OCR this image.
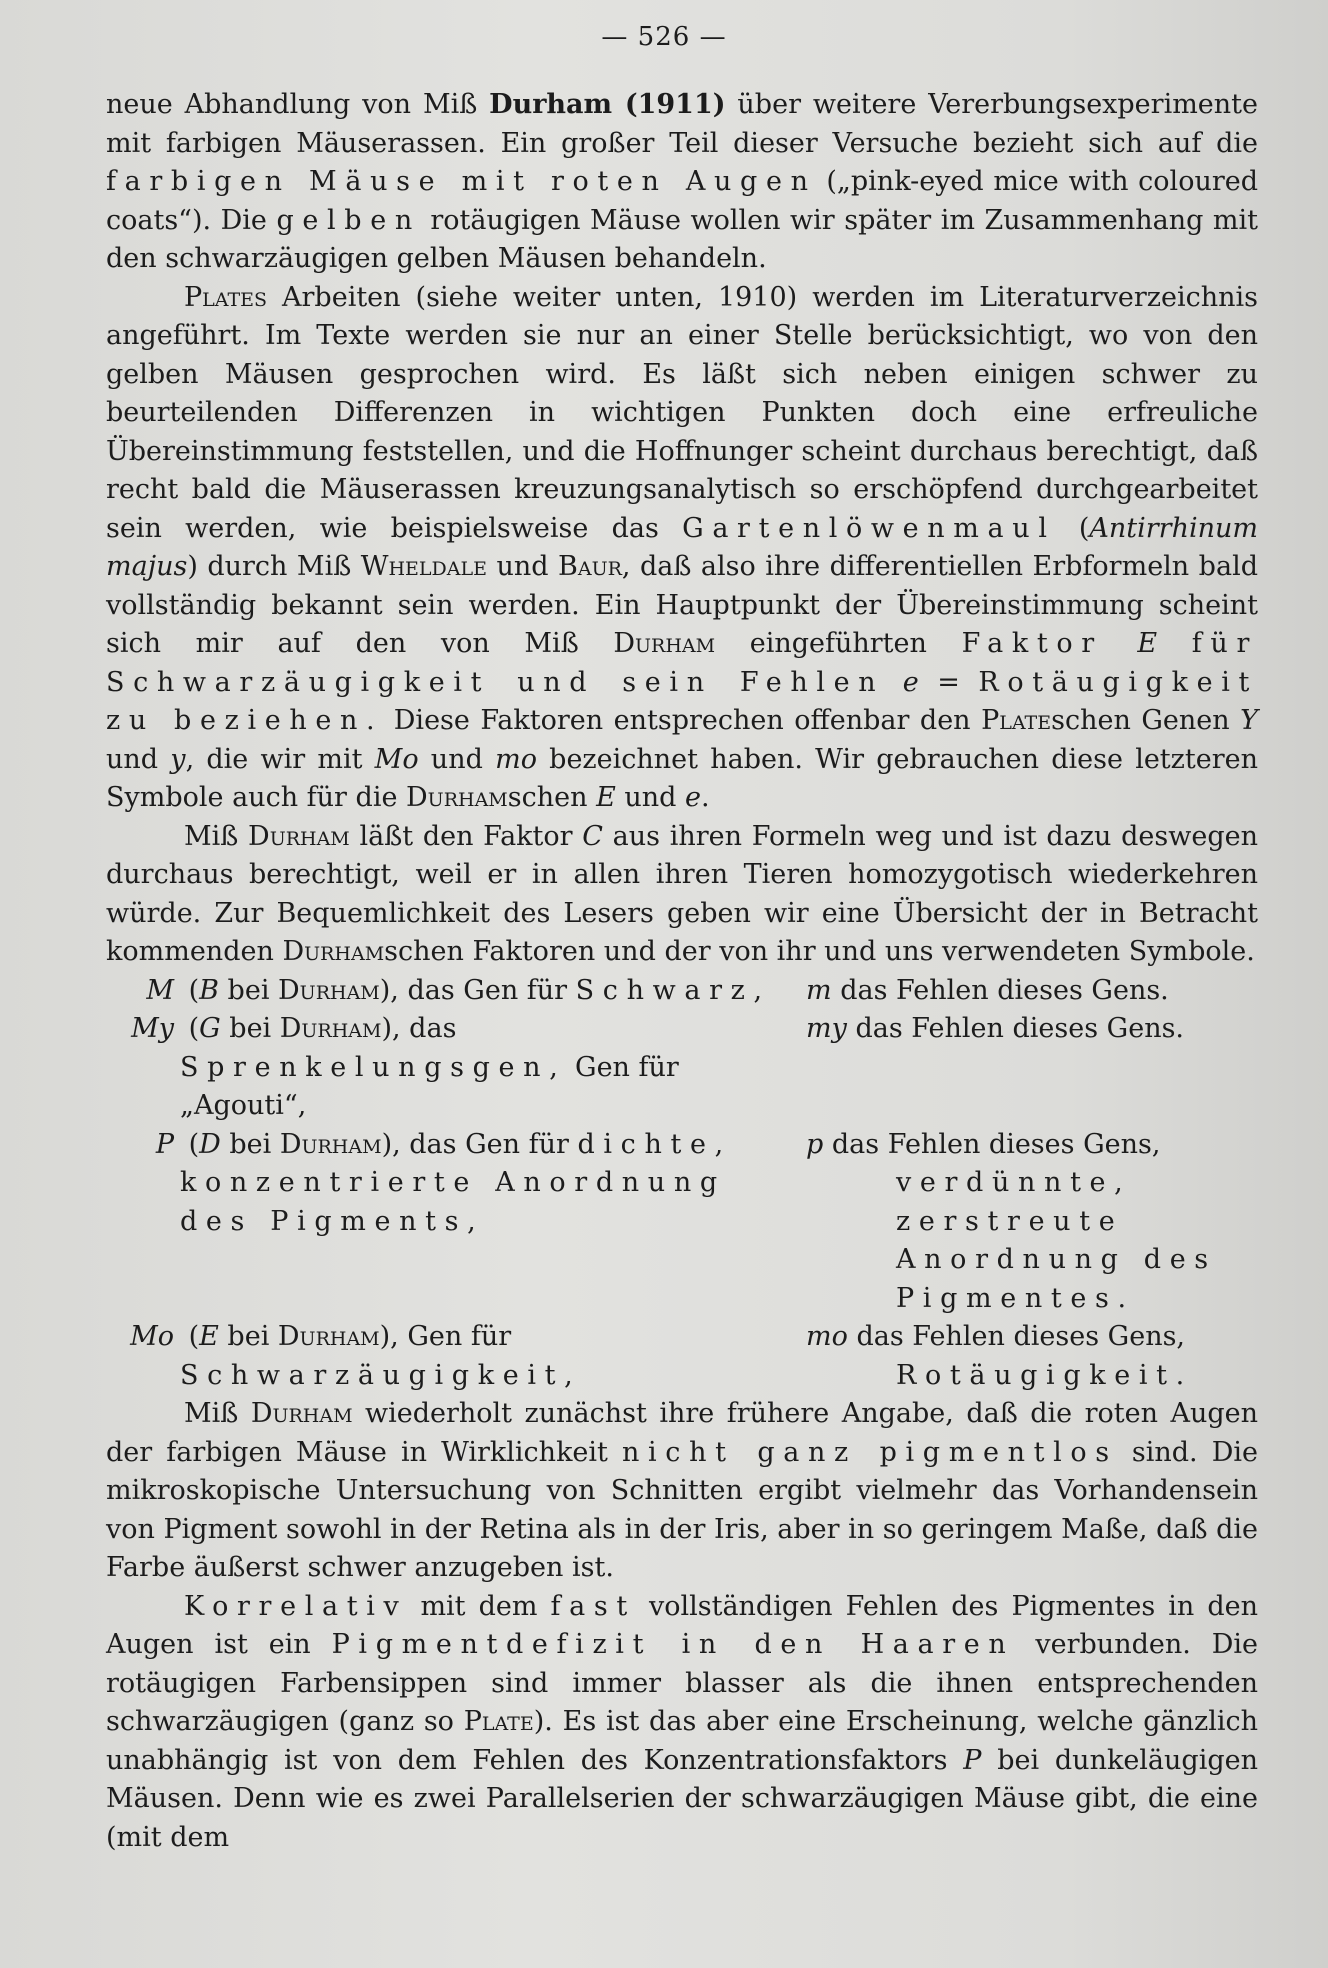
— 526 —

neue Abhandlung von Miß Durham (1911) über weitere Vererbungsexperimente mit farbigen Mäuserassen. Ein großer Teil dieser Versuche bezieht sich auf die farbigen Mäuse mit roten Augen („pink-eyed mice with coloured coats“). Die gelben rotäugigen Mäuse wollen wir später im Zusammenhang mit den schwarzäugigen gelben Mäusen behandeln.

Plates Arbeiten (siehe weiter unten, 1910) werden im Literaturverzeichnis angeführt. Im Texte werden sie nur an einer Stelle berücksichtigt, wo von den gelben Mäusen gesprochen wird. Es läßt sich neben einigen schwer zu beurteilenden Differenzen in wichtigen Punkten doch eine erfreuliche Übereinstimmung feststellen, und die Hoffnunger scheint durchaus berechtigt, daß recht bald die Mäuserassen kreuzungsanalytisch so erschöpfend durchgearbeitet sein werden, wie beispielsweise das Gartenlöwenmaul (Antirrhinum majus) durch Miß Wheldale und Baur, daß also ihre differentiellen Erbformeln bald vollständig bekannt sein werden. Ein Hauptpunkt der Übereinstimmung scheint sich mir auf den von Miß Durham eingeführten Faktor E für Schwarzäugigkeit und sein Fehlen e = Rotäugigkeit zu beziehen. Diese Faktoren entsprechen offenbar den Plateschen Genen Y und y, die wir mit Mo und mo bezeichnet haben. Wir gebrauchen diese letzteren Symbole auch für die Durhamschen E und e.

Miß Durham läßt den Faktor C aus ihren Formeln weg und ist dazu deswegen durchaus berechtigt, weil er in allen ihren Tieren homozygotisch wiederkehren würde. Zur Bequemlichkeit des Lesers geben wir eine Übersicht der in Betracht kommenden Durhamschen Faktoren und der von ihr und uns verwendeten Symbole.

M (B bei Durham), das Gen für Schwarz,	m das Fehlen dieses Gens.
My (G bei Durham), das Sprenkelungsgen, Gen für „Agouti“,
my das Fehlen dieses Gens.
P (D bei Durham), das Gen für dichte, konzentrierte Anordnung des Pigments,
p das Fehlen dieses Gens, verdünnte, zerstreute Anordnung des Pigmentes.
Mo (E bei Durham), Gen für Schwarzäugigkeit,
mo das Fehlen dieses Gens, Rotäugigkeit.

Miß Durham wiederholt zunächst ihre frühere Angabe, daß die roten Augen der farbigen Mäuse in Wirklichkeit nicht ganz pigmentlos sind. Die mikroskopische Untersuchung von Schnitten ergibt vielmehr das Vorhandensein von Pigment sowohl in der Retina als in der Iris, aber in so geringem Maße, daß die Farbe äußerst schwer anzugeben ist.

Korrelativ mit dem fast vollständigen Fehlen des Pigmentes in den Augen ist ein Pigmentdefizit in den Haaren verbunden. Die rotäugigen Farbensippen sind immer blasser als die ihnen entsprechenden schwarzäugigen (ganz so Plate). Es ist das aber eine Erscheinung, welche gänzlich unabhängig ist von dem Fehlen des Konzentrationsfaktors P bei dunkeläugigen Mäusen. Denn wie es zwei Parallelserien der schwarzäugigen Mäuse gibt, die eine (mit dem
